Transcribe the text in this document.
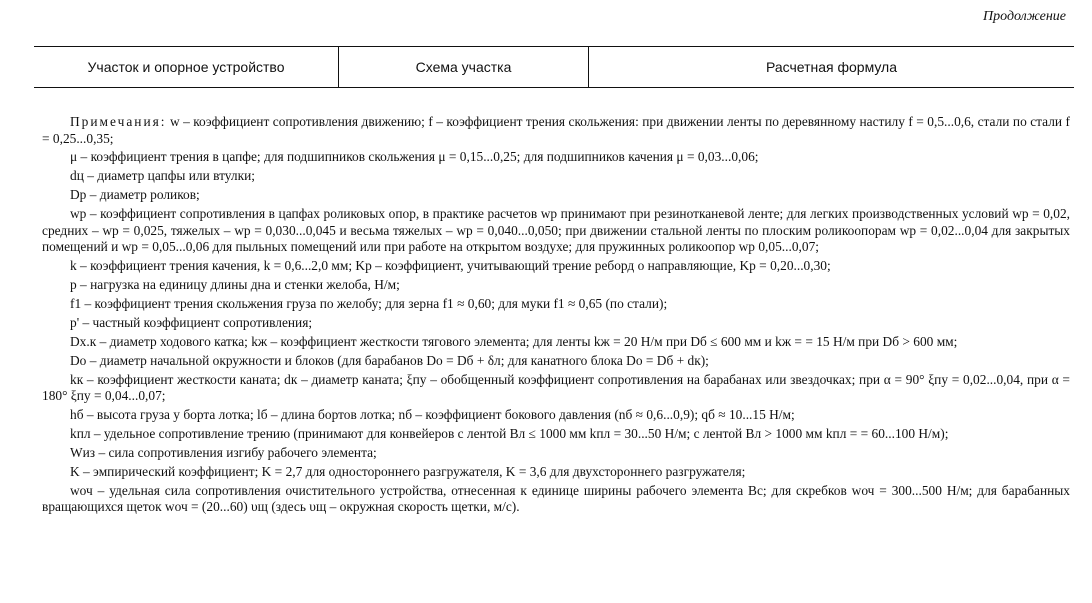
Продолжение
Участок и опорное устройство	Схема участка	Расчетная формула

Примечания: w – коэффициент сопротивления движению; f – коэффициент трения скольжения: при движении ленты по деревянному настилу f = 0,5...0,6, стали по стали f = 0,25...0,35;

μ – коэффициент трения в цапфе; для подшипников скольжения μ = 0,15...0,25; для подшипников качения μ = 0,03...0,06;

dц – диаметр цапфы или втулки;

Dр – диаметр роликов;

wр – коэффициент сопротивления в цапфах роликовых опор, в практике расчетов wр принимают при резинотканевой ленте; для легких производственных условий wр = 0,02, средних – wр = 0,025, тяжелых – wр = 0,030...0,045 и весьма тяжелых – wр = 0,040...0,050; при движении стальной ленты по плоским роликоопорам wр = 0,02...0,04 для закрытых помещений и wр = 0,05...0,06 для пыльных помещений или при работе на открытом воздухе; для пружинных роликоопор wр 0,05...0,07;

k – коэффициент трения качения, k = 0,6...2,0 мм; Kр – коэффициент, учитывающий трение реборд о направляющие, Kр = 0,20...0,30;

p – нагрузка на единицу длины дна и стенки желоба, Н/м;

f1 – коэффициент трения скольжения груза по желобу; для зерна f1 ≈ 0,60; для муки f1 ≈ 0,65 (по стали);

p' – частный коэффициент сопротивления;

Dх.к – диаметр ходового катка; kж – коэффициент жесткости тягового элемента; для ленты kж = 20 Н/м при Dб ≤ 600 мм и kж = = 15 Н/м при Dб > 600 мм;

Dо – диаметр начальной окружности и блоков (для барабанов Dо = Dб + δл; для канатного блока Dо = Dб + dк);

kк – коэффициент жесткости каната; dк – диаметр каната; ξпу – обобщенный коэффициент сопротивления на барабанах или звездочках; при α = 90° ξпу = 0,02...0,04, при α = 180° ξпу = 0,04...0,07;

hб – высота груза у борта лотка; lб – длина бортов лотка; nб – коэффициент бокового давления (nб ≈ 0,6...0,9); qб ≈ 10...15 Н/м;

kпл – удельное сопротивление трению (принимают для конвейеров с лентой Bл ≤ 1000 мм kпл = 30...50 Н/м; с лентой Bл > 1000 мм kпл = = 60...100 Н/м);

Wиз – сила сопротивления изгибу рабочего элемента;

K – эмпирический коэффициент; K = 2,7 для одностороннего разгружателя, K = 3,6 для двухстороннего разгружателя;

wоч – удельная сила сопротивления очистительного устройства, отнесенная к единице ширины рабочего элемента Bс; для скребков wоч = 300...500 Н/м; для барабанных вращающихся щеток wоч = (20...60) υщ (здесь υщ – окружная скорость щетки, м/с).
